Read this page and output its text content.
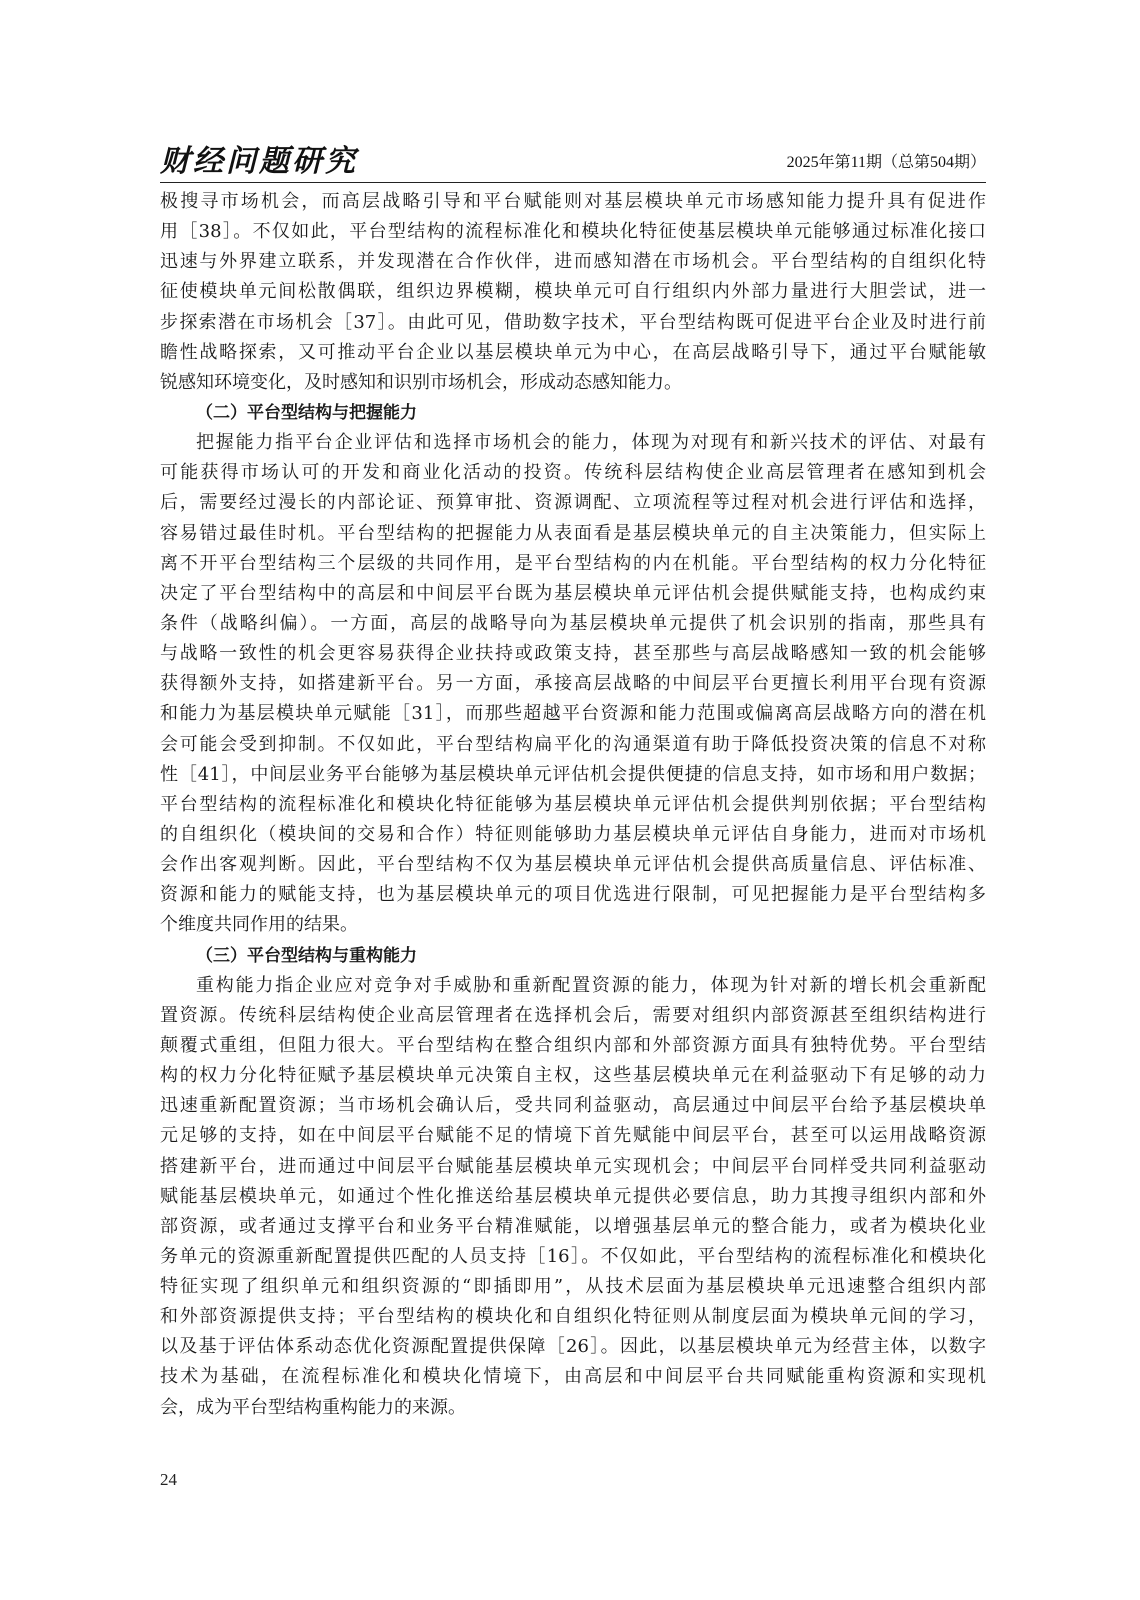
财经问题研究	2025年第11期（总第504期）
极搜寻市场机会，而高层战略引导和平台赋能则对基层模块单元市场感知能力提升具有促进作
用［38］。不仅如此，平台型结构的流程标准化和模块化特征使基层模块单元能够通过标准化接口
迅速与外界建立联系，并发现潜在合作伙伴，进而感知潜在市场机会。平台型结构的自组织化特
征使模块单元间松散偶联，组织边界模糊，模块单元可自行组织内外部力量进行大胆尝试，进一
步探索潜在市场机会［37］。由此可见，借助数字技术，平台型结构既可促进平台企业及时进行前
瞻性战略探索，又可推动平台企业以基层模块单元为中心，在高层战略引导下，通过平台赋能敏
锐感知环境变化，及时感知和识别市场机会，形成动态感知能力。
（二）平台型结构与把握能力
把握能力指平台企业评估和选择市场机会的能力，体现为对现有和新兴技术的评估、对最有
可能获得市场认可的开发和商业化活动的投资。传统科层结构使企业高层管理者在感知到机会
后，需要经过漫长的内部论证、预算审批、资源调配、立项流程等过程对机会进行评估和选择，
容易错过最佳时机。平台型结构的把握能力从表面看是基层模块单元的自主决策能力，但实际上
离不开平台型结构三个层级的共同作用，是平台型结构的内在机能。平台型结构的权力分化特征
决定了平台型结构中的高层和中间层平台既为基层模块单元评估机会提供赋能支持，也构成约束
条件（战略纠偏）。一方面，高层的战略导向为基层模块单元提供了机会识别的指南，那些具有
与战略一致性的机会更容易获得企业扶持或政策支持，甚至那些与高层战略感知一致的机会能够
获得额外支持，如搭建新平台。另一方面，承接高层战略的中间层平台更擅长利用平台现有资源
和能力为基层模块单元赋能［31］，而那些超越平台资源和能力范围或偏离高层战略方向的潜在机
会可能会受到抑制。不仅如此，平台型结构扁平化的沟通渠道有助于降低投资决策的信息不对称
性［41］，中间层业务平台能够为基层模块单元评估机会提供便捷的信息支持，如市场和用户数据；
平台型结构的流程标准化和模块化特征能够为基层模块单元评估机会提供判别依据；平台型结构
的自组织化（模块间的交易和合作）特征则能够助力基层模块单元评估自身能力，进而对市场机
会作出客观判断。因此，平台型结构不仅为基层模块单元评估机会提供高质量信息、评估标准、
资源和能力的赋能支持，也为基层模块单元的项目优选进行限制，可见把握能力是平台型结构多
个维度共同作用的结果。
（三）平台型结构与重构能力
重构能力指企业应对竞争对手威胁和重新配置资源的能力，体现为针对新的增长机会重新配
置资源。传统科层结构使企业高层管理者在选择机会后，需要对组织内部资源甚至组织结构进行
颠覆式重组，但阻力很大。平台型结构在整合组织内部和外部资源方面具有独特优势。平台型结
构的权力分化特征赋予基层模块单元决策自主权，这些基层模块单元在利益驱动下有足够的动力
迅速重新配置资源；当市场机会确认后，受共同利益驱动，高层通过中间层平台给予基层模块单
元足够的支持，如在中间层平台赋能不足的情境下首先赋能中间层平台，甚至可以运用战略资源
搭建新平台，进而通过中间层平台赋能基层模块单元实现机会；中间层平台同样受共同利益驱动
赋能基层模块单元，如通过个性化推送给基层模块单元提供必要信息，助力其搜寻组织内部和外
部资源，或者通过支撑平台和业务平台精准赋能，以增强基层单元的整合能力，或者为模块化业
务单元的资源重新配置提供匹配的人员支持［16］。不仅如此，平台型结构的流程标准化和模块化
特征实现了组织单元和组织资源的“即插即用”，从技术层面为基层模块单元迅速整合组织内部
和外部资源提供支持；平台型结构的模块化和自组织化特征则从制度层面为模块单元间的学习，
以及基于评估体系动态优化资源配置提供保障［26］。因此，以基层模块单元为经营主体，以数字
技术为基础，在流程标准化和模块化情境下，由高层和中间层平台共同赋能重构资源和实现机
会，成为平台型结构重构能力的来源。
24
